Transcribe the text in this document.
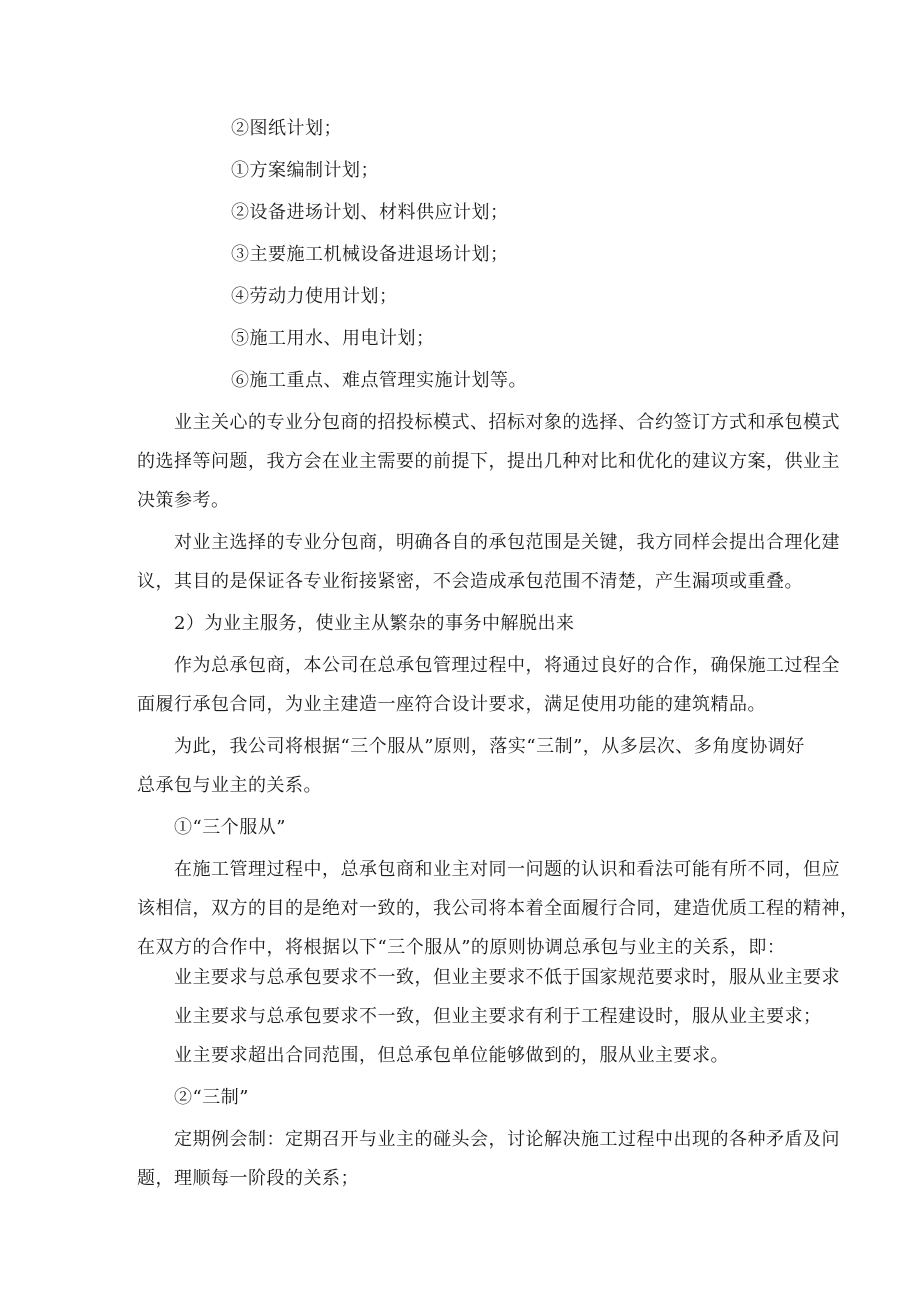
②图纸计划；
①方案编制计划；
②设备进场计划、材料供应计划；
③主要施工机械设备进退场计划；
④劳动力使用计划；
⑤施工用水、用电计划；
⑥施工重点、难点管理实施计划等。
业主关心的专业分包商的招投标模式、招标对象的选择、合约签订方式和承包模式
的选择等问题，我方会在业主需要的前提下，提出几种对比和优化的建议方案，供业主
决策参考。
对业主选择的专业分包商，明确各自的承包范围是关键，我方同样会提出合理化建
议，其目的是保证各专业衔接紧密，不会造成承包范围不清楚，产生漏项或重叠。
2）为业主服务，使业主从繁杂的事务中解脱出来
作为总承包商，本公司在总承包管理过程中，将通过良好的合作，确保施工过程全
面履行承包合同，为业主建造一座符合设计要求，满足使用功能的建筑精品。
为此，我公司将根据“三个服从”原则，落实“三制”，从多层次、多角度协调好
总承包与业主的关系。
①“三个服从”
在施工管理过程中，总承包商和业主对同一问题的认识和看法可能有所不同，但应
该相信，双方的目的是绝对一致的，我公司将本着全面履行合同，建造优质工程的精神，
在双方的合作中，将根据以下“三个服从”的原则协调总承包与业主的关系，即：
业主要求与总承包要求不一致，但业主要求不低于国家规范要求时，服从业主要求
业主要求与总承包要求不一致，但业主要求有利于工程建设时，服从业主要求；
业主要求超出合同范围，但总承包单位能够做到的，服从业主要求。
②“三制”
定期例会制：定期召开与业主的碰头会，讨论解决施工过程中出现的各种矛盾及问
题，理顺每一阶段的关系；
